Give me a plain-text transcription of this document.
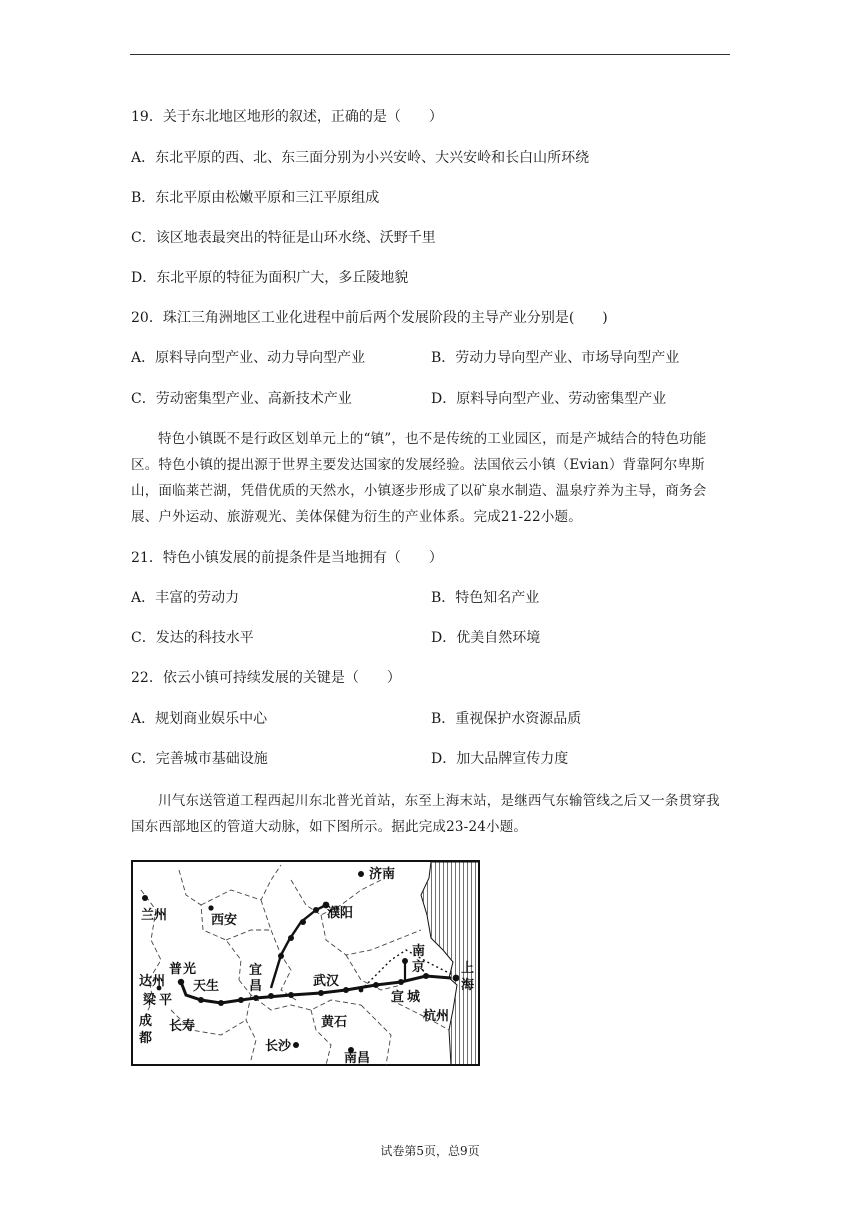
19．关于东北地区地形的叙述，正确的是（　　）
A．东北平原的西、北、东三面分别为小兴安岭、大兴安岭和长白山所环绕
B．东北平原由松嫩平原和三江平原组成
C．该区地表最突出的特征是山环水绕、沃野千里
D．东北平原的特征为面积广大，多丘陵地貌
20．珠江三角洲地区工业化进程中前后两个发展阶段的主导产业分别是(　　)
A．原料导向型产业、动力导向型产业	B．劳动力导向型产业、市场导向型产业
C．劳动密集型产业、高新技术产业	D．原料导向型产业、劳动密集型产业
特色小镇既不是行政区划单元上的“镇”，也不是传统的工业园区，而是产城结合的特色功能区。特色小镇的提出源于世界主要发达国家的发展经验。法国依云小镇（Evian）背靠阿尔卑斯山，面临莱芒湖，凭借优质的天然水，小镇逐步形成了以矿泉水制造、温泉疗养为主导，商务会展、户外运动、旅游观光、美体保健为衍生的产业体系。完成21-22小题。
21．特色小镇发展的前提条件是当地拥有（　　）
A．丰富的劳动力	B．特色知名产业
C．发达的科技水平	D．优美自然环境
22．依云小镇可持续发展的关键是（　　）
A．规划商业娱乐中心	B．重视保护水资源品质
C．完善城市基础设施	D．加大品牌宣传力度
川气东送管道工程西起川东北普光首站，东至上海末站，是继西气东输管线之后又一条贯穿我国东西部地区的管道大动脉，如下图所示。据此完成23-24小题。
济南
兰州	西安	濮阳
南
京
达州
普 光
天生
宜
昌	武汉
上
海
梁 平	宣 城
杭州
成
都
长寿	黄石
长沙
南昌
试卷第5页，总9页
